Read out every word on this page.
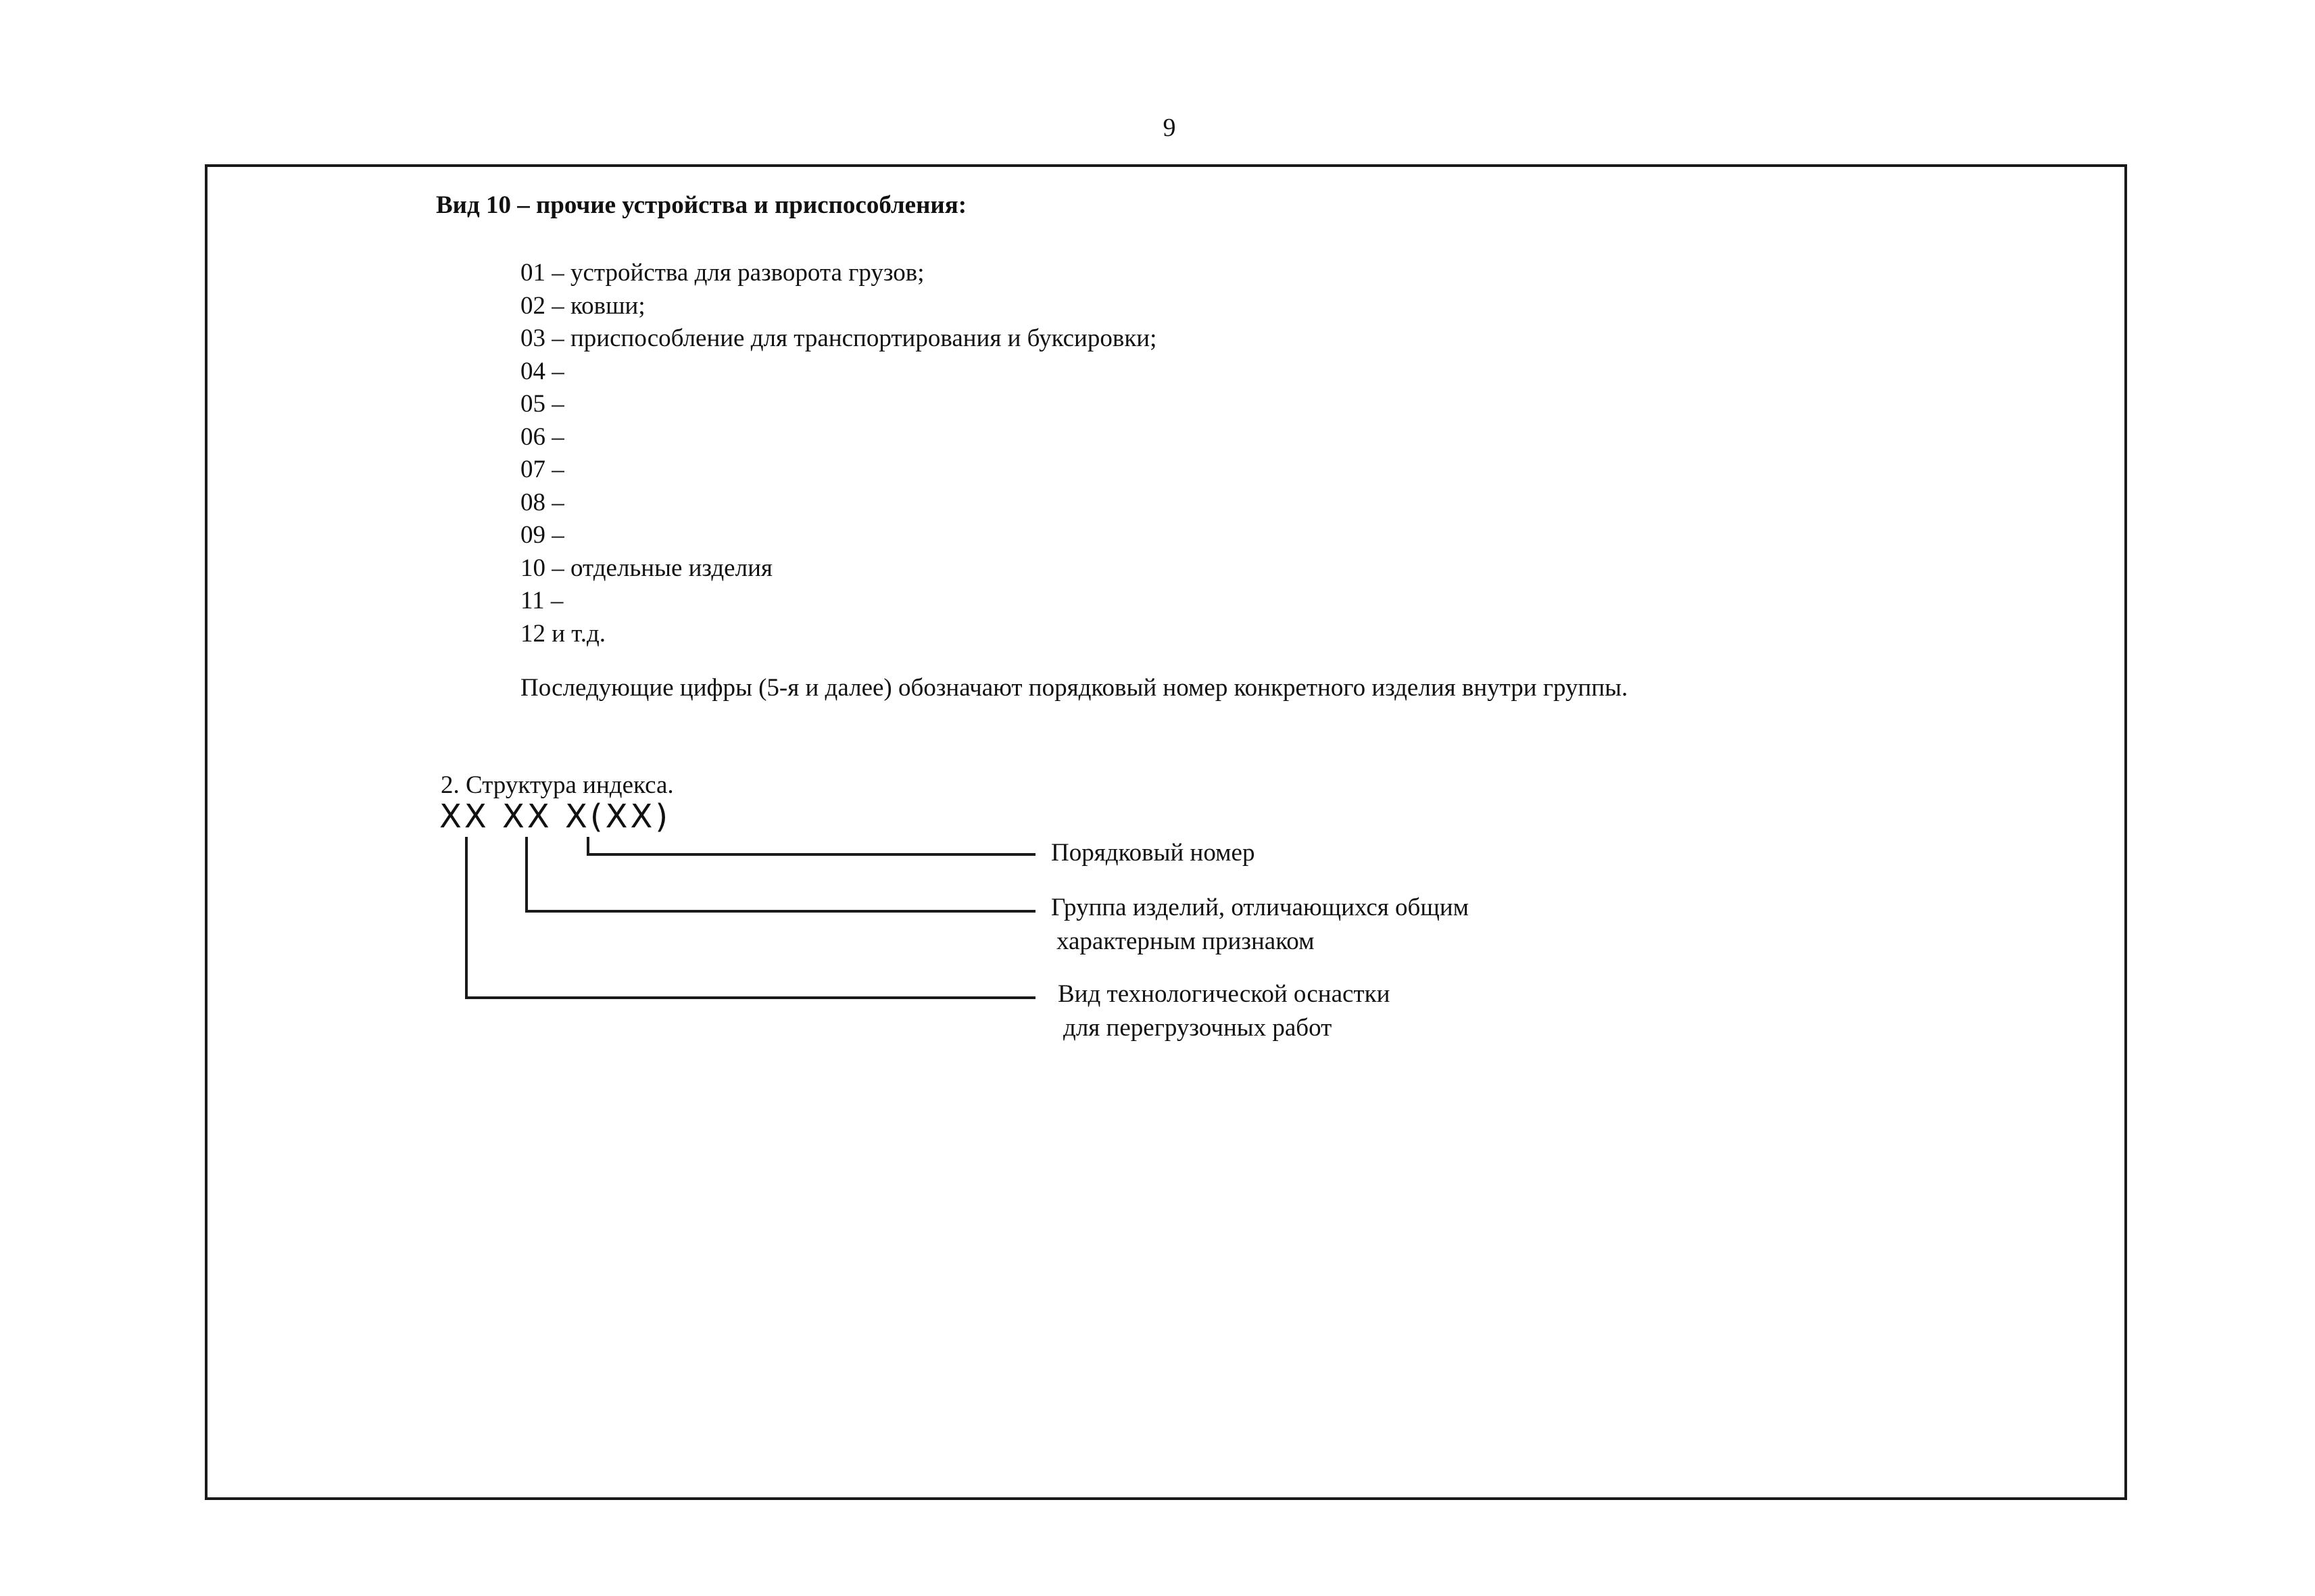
9
Вид 10 – прочие устройства и приспособления:
01 – устройства для разворота грузов;
02 – ковши;
03 – приспособление для транспортирования и буксировки;
04 –
05 –
06 –
07 –
08 –
09 –
10 – отдельные изделия
11 –
12 и т.д.
Последующие цифры (5-я и далее) обозначают порядковый номер конкретного изделия внутри группы.
2. Структура индекса.
XX XX X(XX)
Порядковый номер
Группа изделий, отличающихся общим
характерным признаком
Вид технологической оснастки
для перегрузочных работ
